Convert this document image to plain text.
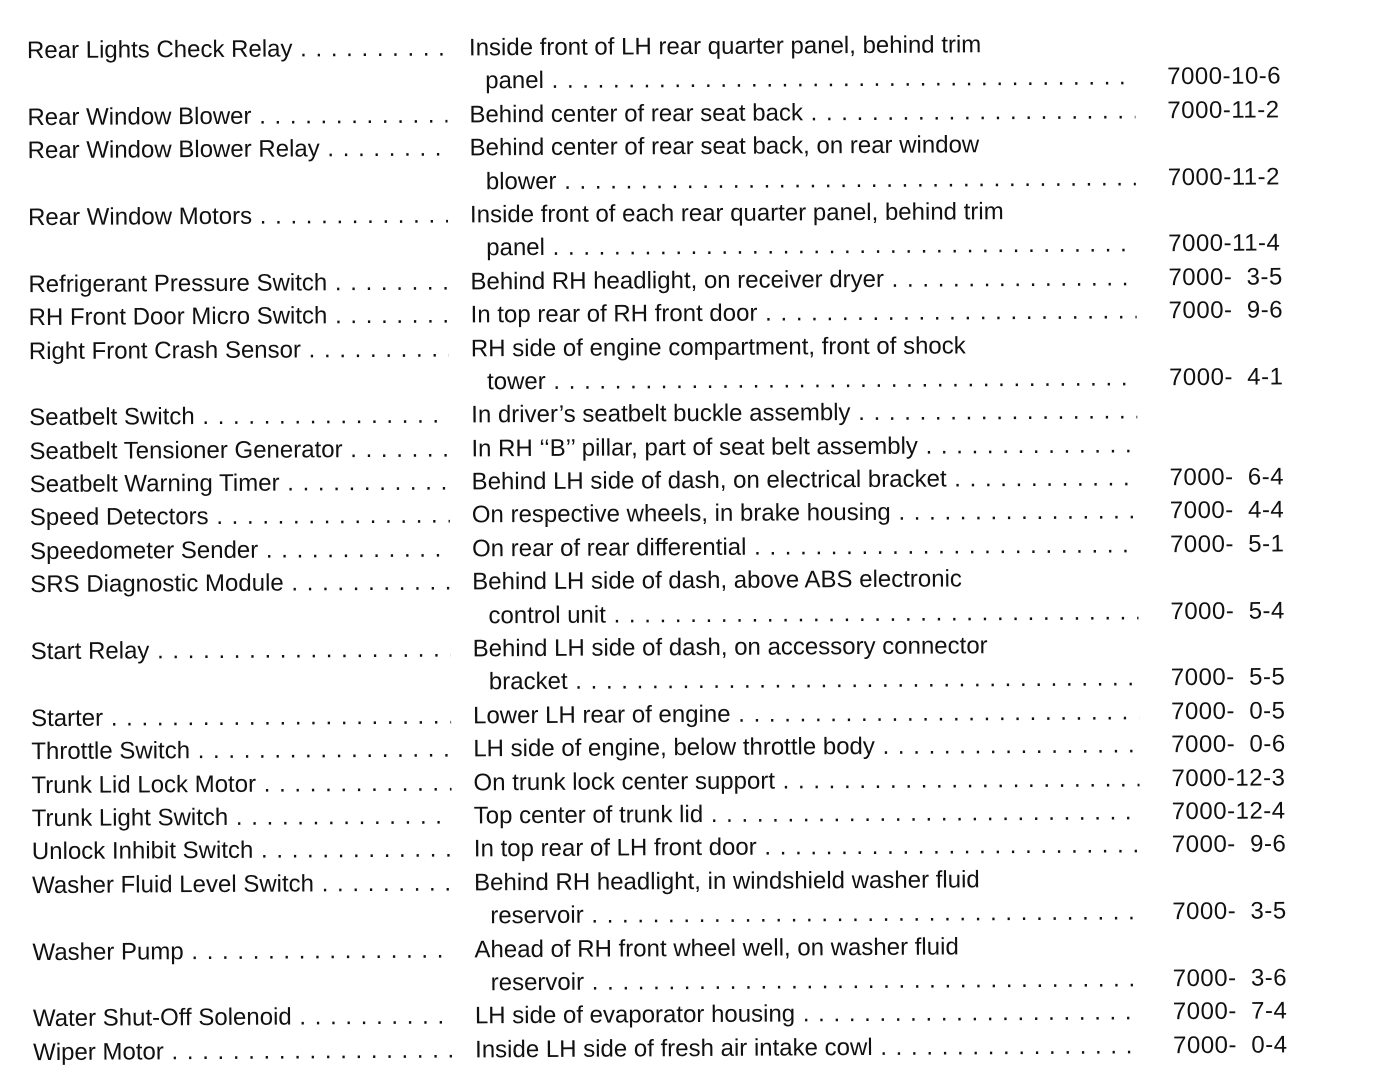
Rear Lights Check Relay . . .	Inside front of LH rear quarter panel, behind trim
panel . . .	7000-10-6
Rear Window Blower . . .	Behind center of rear seat back . . .	7000-11-2
Rear Window Blower Relay . . .	Behind center of rear seat back, on rear window
blower . . .	7000-11-2
Rear Window Motors . . .	Inside front of each rear quarter panel, behind trim
panel . . .	7000-11-4
Refrigerant Pressure Switch . . .	Behind RH headlight, on receiver dryer . . .	7000-  3-5
RH Front Door Micro Switch . . .	In top rear of RH front door . . .	7000-  9-6
Right Front Crash Sensor . . .	RH side of engine compartment, front of shock
tower . . .	7000-  4-1
Seatbelt Switch . . .	In driver’s seatbelt buckle assembly . . .
Seatbelt Tensioner Generator . . .	In RH ‘‘B’’ pillar, part of seat belt assembly . . .
Seatbelt Warning Timer . . .	Behind LH side of dash, on electrical bracket . . .	7000-  6-4
Speed Detectors . . .	On respective wheels, in brake housing . . .	7000-  4-4
Speedometer Sender . . .	On rear of rear differential . . .	7000-  5-1
SRS Diagnostic Module . . .	Behind LH side of dash, above ABS electronic
control unit . . .	7000-  5-4
Start Relay . . .	Behind LH side of dash, on accessory connector
bracket . . .	7000-  5-5
Starter . . .	Lower LH rear of engine . . .	7000-  0-5
Throttle Switch . . .	LH side of engine, below throttle body . . .	7000-  0-6
Trunk Lid Lock Motor . . .	On trunk lock center support . . .	7000-12-3
Trunk Light Switch . . .	Top center of trunk lid . . .	7000-12-4
Unlock Inhibit Switch . . .	In top rear of LH front door . . .	7000-  9-6
Washer Fluid Level Switch . . .	Behind RH headlight, in windshield washer fluid
reservoir . . .	7000-  3-5
Washer Pump . . .	Ahead of RH front wheel well, on washer fluid
reservoir . . .	7000-  3-6
Water Shut-Off Solenoid . . .	LH side of evaporator housing . . .	7000-  7-4
Wiper Motor . . .	Inside LH side of fresh air intake cowl . . .	7000-  0-4
